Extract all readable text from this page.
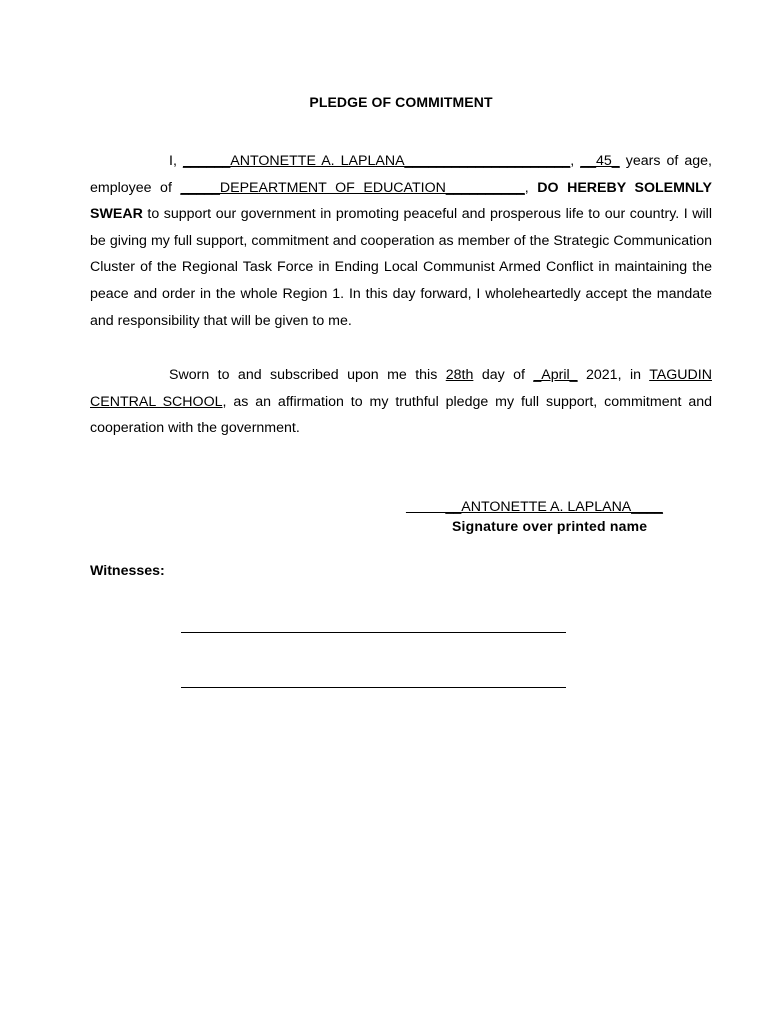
PLEDGE OF COMMITMENT
I, ______ANTONETTE A. LAPLANA_____________________, __45_ years of age, employee of _____DEPEARTMENT OF EDUCATION__________, DO HEREBY SOLEMNLY SWEAR to support our government in promoting peaceful and prosperous life to our country. I will be giving my full support, commitment and cooperation as member of the Strategic Communication Cluster of the Regional Task Force in Ending Local Communist Armed Conflict in maintaining the peace and order in the whole Region 1. In this day forward, I wholeheartedly accept the mandate and responsibility that will be given to me.
Sworn to and subscribed upon me this 28th day of _April_ 2021, in TAGUDIN CENTRAL SCHOOL, as an affirmation to my truthful pledge my full support, commitment and cooperation with the government.
_______ANTONETTE A. LAPLANA____
Signature over printed name
Witnesses:
